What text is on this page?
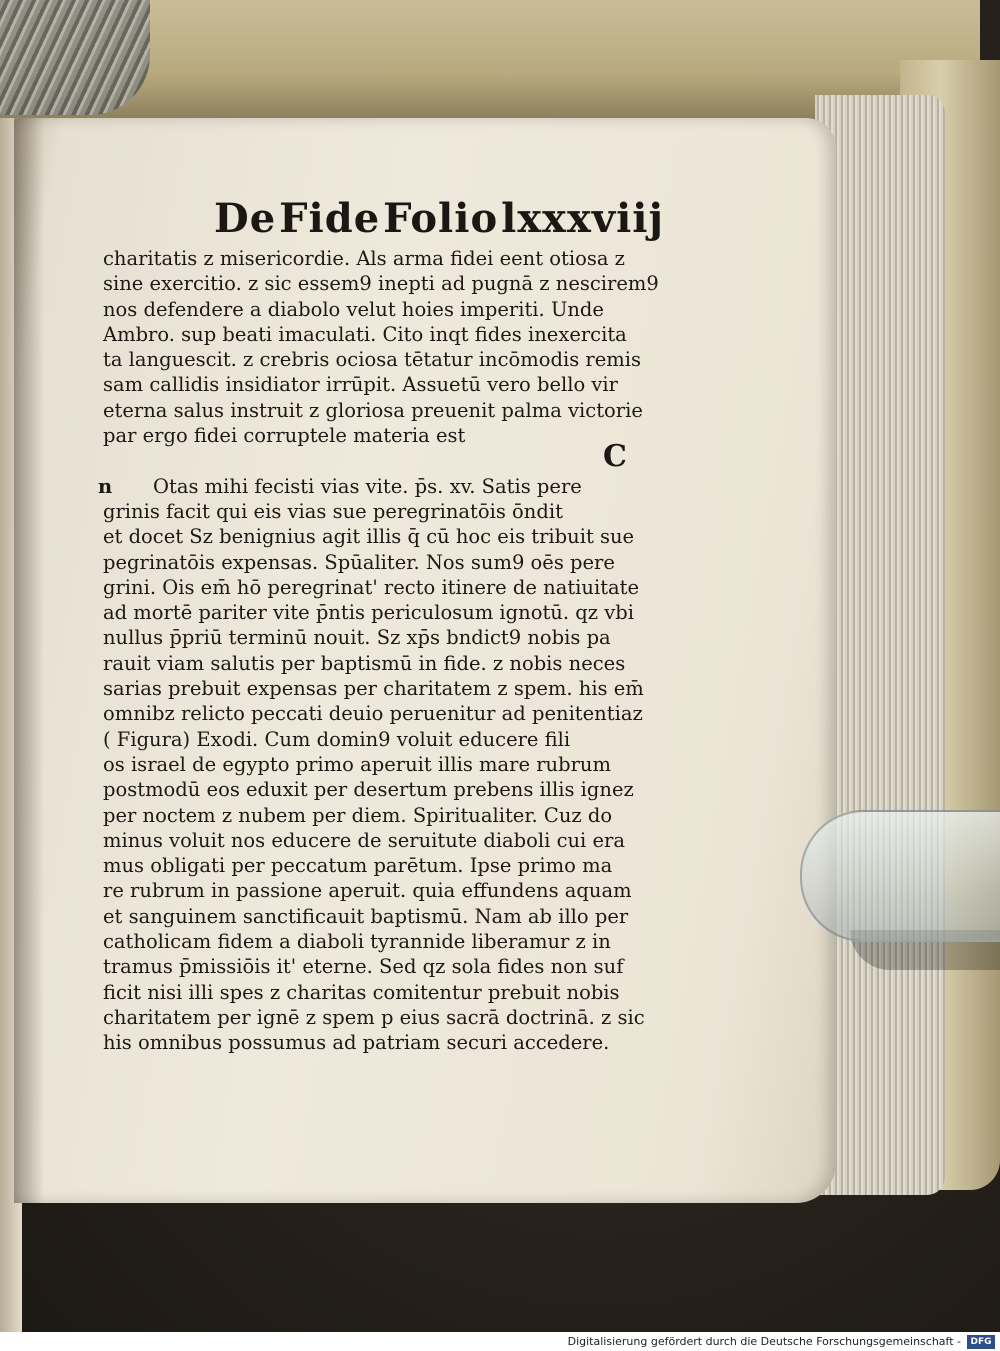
De Fide Folio lxxxviij
charitatis z misericordie. Als arma fidei eent otiosa z
sine exercitio. z sic essem9 inepti ad pugnā z nescirem9
nos defendere a diabolo velut hoies imperiti. Unde
Ambro. sup beati imaculati. Cito inqt fides inexercita
ta languescit. z crebris ociosa tētatur incōmodis remis
sam callidis insidiator irrūpit. Assuetū vero bello vir
eterna salus instruit z gloriosa preuenit palma victorie
par ergo fidei corruptele materia est
C
n	Otas mihi fecisti vias vite. p̄s. xv. Satis pere
grinis facit qui eis vias sue peregrinatōis ōndit
et docet Sz benignius agit illis q̄ cū hoc eis tribuit sue
pegrinatōis expensas. Spūaliter. Nos sum9 oēs pere
grini. Ois em̄ hō peregrinat' recto itinere de natiuitate
ad mortē pariter vite p̄ntis periculosum ignotū. qz vbi
nullus p̄priū terminū nouit. Sz xp̄s bndict9 nobis pa
rauit viam salutis per baptismū in fide. z nobis neces
sarias prebuit expensas per charitatem z spem. his em̄
omnibz relicto peccati deuio peruenitur ad penitentiaz
( Figura) Exodi. Cum domin9 voluit educere fili
os israel de egypto primo aperuit illis mare rubrum
postmodū eos eduxit per desertum prebens illis ignez
per noctem z nubem per diem. Spiritualiter. Cuz do
minus voluit nos educere de seruitute diaboli cui era
mus obligati per peccatum parētum. Ipse primo ma
re rubrum in passione aperuit. quia effundens aquam
et sanguinem sanctificauit baptismū. Nam ab illo per
catholicam fidem a diaboli tyrannide liberamur z in
tramus p̄missiōis it' eterne. Sed qz sola fides non suf
ficit nisi illi spes z charitas comitentur prebuit nobis
charitatem per ignē z spem p eius sacrā doctrinā. z sic
his omnibus possumus ad patriam securi accedere.
Digitalisierung gefördert durch die Deutsche Forschungsgemeinschaft -	DFG
